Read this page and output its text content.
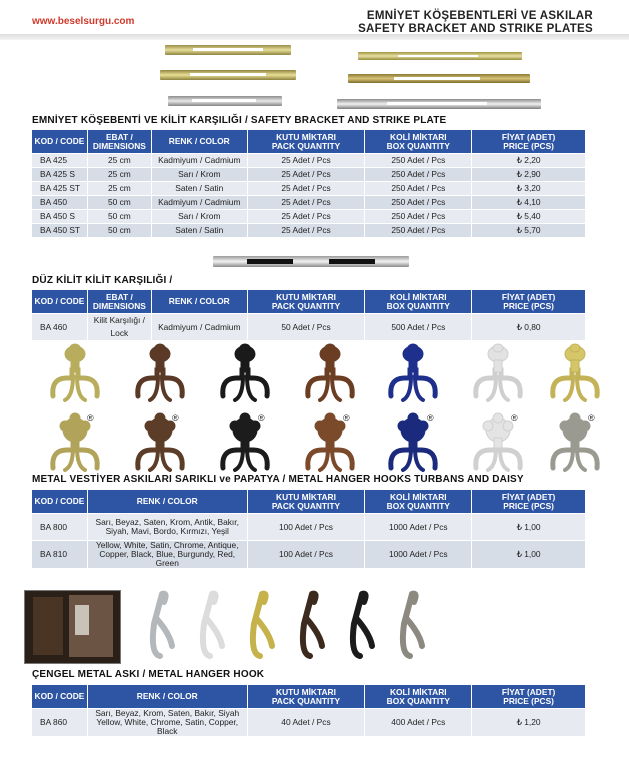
www.beselsurgu.com	EMNİYET KÖŞEBENTLERİ VE ASKILAR
SAFETY BRACKET AND STRIKE PLATES
EMNİYET KÖŞEBENTİ VE KİLİT KARŞILIĞI / SAFETY BRACKET AND STRIKE PLATE
KOD / CODE	EBAT / DIMENSIONS	RENK / COLOR	KUTU MİKTARI
PACK QUANTITY	KOLİ MİKTARI
BOX QUANTITY	FİYAT (ADET)
PRICE (PCS)
BA 425	25 cm	Kadmiyum / Cadmium	25 Adet / Pcs	250 Adet / Pcs	₺ 2,20
BA 425 S	25 cm	Sarı / Krom	25 Adet / Pcs	250 Adet / Pcs	₺ 2,90
BA 425 ST	25 cm	Saten / Satin	25 Adet / Pcs	250 Adet / Pcs	₺ 3,20
BA 450	50 cm	Kadmiyum / Cadmium	25 Adet / Pcs	250 Adet / Pcs	₺ 4,10
BA 450 S	50 cm	Sarı / Krom	25 Adet / Pcs	250 Adet / Pcs	₺ 5,40
BA 450 ST	50 cm	Saten / Satin	25 Adet / Pcs	250 Adet / Pcs	₺ 5,70
DÜZ KİLİT KİLİT KARŞILIĞI /
KOD / CODE	EBAT / DIMENSIONS	RENK / COLOR	KUTU MİKTARI
PACK QUANTITY	KOLİ MİKTARI
BOX QUANTITY	FİYAT (ADET)
PRICE (PCS)
BA 460	Kilit Karşılığı / Lock	Kadmiyum / Cadmium	50 Adet / Pcs	500 Adet / Pcs	₺ 0,80
®	®	®	®	®	®	®
METAL VESTİYER ASKILARI SARIKLI ve PAPATYA / METAL HANGER HOOKS TURBANS AND DAISY
KOD / CODE	RENK / COLOR	KUTU MİKTARI
PACK QUANTITY	KOLİ MİKTARI
BOX QUANTITY	FİYAT (ADET)
PRICE (PCS)
BA 800	Sarı, Beyaz, Saten, Krom, Antik, Bakır,
Siyah, Mavi, Bordo, Kırmızı, Yeşil	100 Adet / Pcs	1000 Adet / Pcs	₺ 1,00
BA 810	Yellow, White, Satin, Chrome, Antique,
Copper, Black, Blue, Burgundy, Red, Green	100 Adet / Pcs	1000 Adet / Pcs	₺ 1,00
ÇENGEL METAL ASKI / METAL HANGER HOOK
KOD / CODE	RENK / COLOR	KUTU MİKTARI
PACK QUANTITY	KOLİ MİKTARI
BOX QUANTITY	FİYAT (ADET)
PRICE (PCS)
BA 860	Sarı, Beyaz, Krom, Saten, Bakır, Siyah
Yellow, White, Chrome, Satin, Copper, Black	40 Adet / Pcs	400 Adet / Pcs	₺ 1,20
